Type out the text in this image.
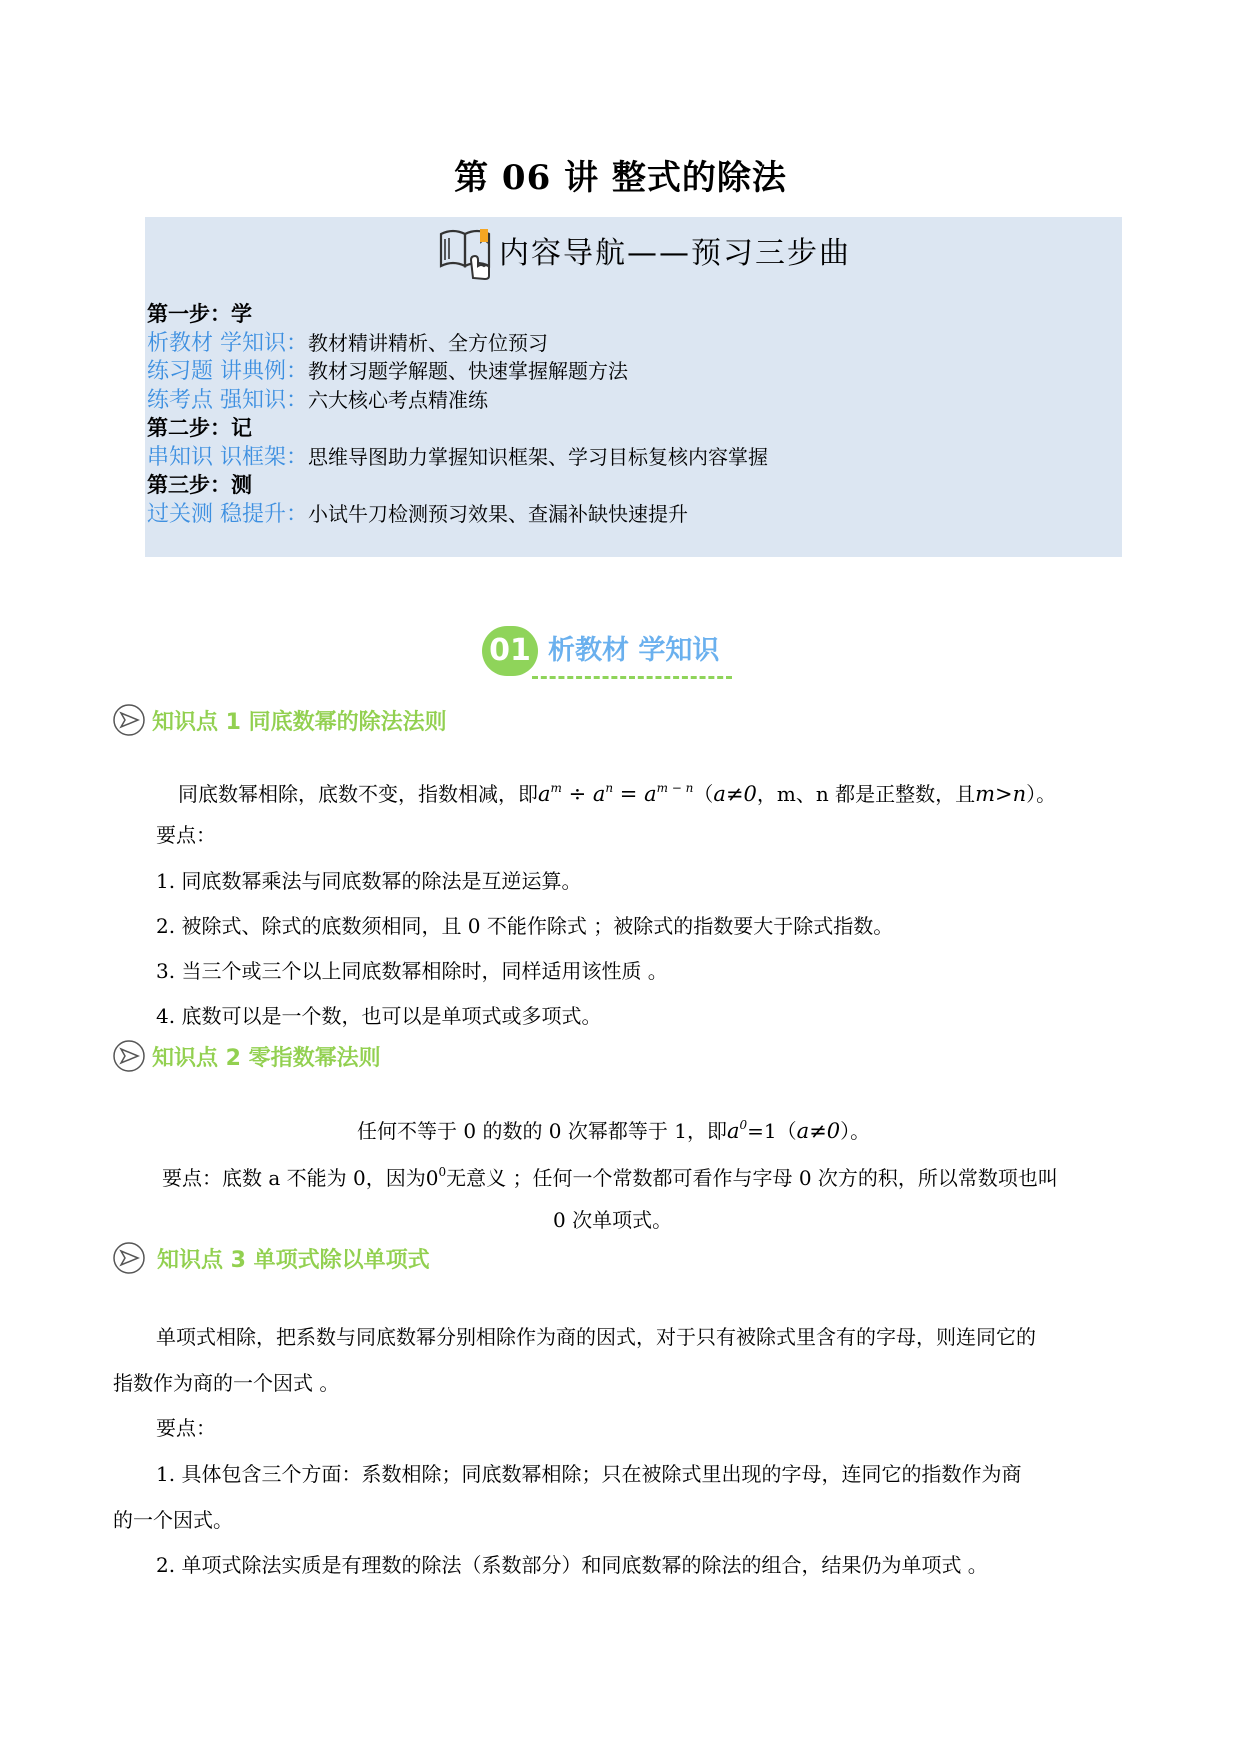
第 06 讲 整式的除法
内容导航——预习三步曲
第一步：学
析教材 学知识：教材精讲精析、全方位预习
练习题 讲典例：教材习题学解题、快速掌握解题方法
练考点 强知识：六大核心考点精准练
第二步：记
串知识 识框架：思维导图助力掌握知识框架、学习目标复核内容掌握
第三步：测
过关测 稳提升：小试牛刀检测预习效果、查漏补缺快速提升
01 析教材 学知识
知识点 1 同底数幂的除法法则
同底数幂相除，底数不变，指数相减，即$a^m \div a^n = a^{m - n}(a\ne 0$，m、n 都是正整数，且m>n）。
要点：
1. 同底数幂乘法与同底数幂的除法是互逆运算。
2. 被除式、除式的底数须相同，且 0 不能作除式 ；被除式的指数要大于除式指数。
3. 当三个或三个以上同底数幂相除时，同样适用该性质 。
4. 底数可以是一个数，也可以是单项式或多项式。
知识点 2 零指数幂法则
任何不等于 0 的数的 0 次幂都等于 1，即$a^0=1(a\ne 0)$。
要点：底数 a 不能为 0，因为$0^0$无意义 ；任何一个常数都可看作与字母 0 次方的积，所以常数项也叫
0 次单项式。
知识点 3 单项式除以单项式
单项式相除，把系数与同底数幂分别相除作为商的因式，对于只有被除式里含有的字母，则连同它的
指数作为商的一个因式 。
要点：
1. 具体包含三个方面：系数相除；同底数幂相除；只在被除式里出现的字母，连同它的指数作为商
的一个因式。
2. 单项式除法实质是有理数的除法（系数部分）和同底数幂的除法的组合，结果仍为单项式 。
